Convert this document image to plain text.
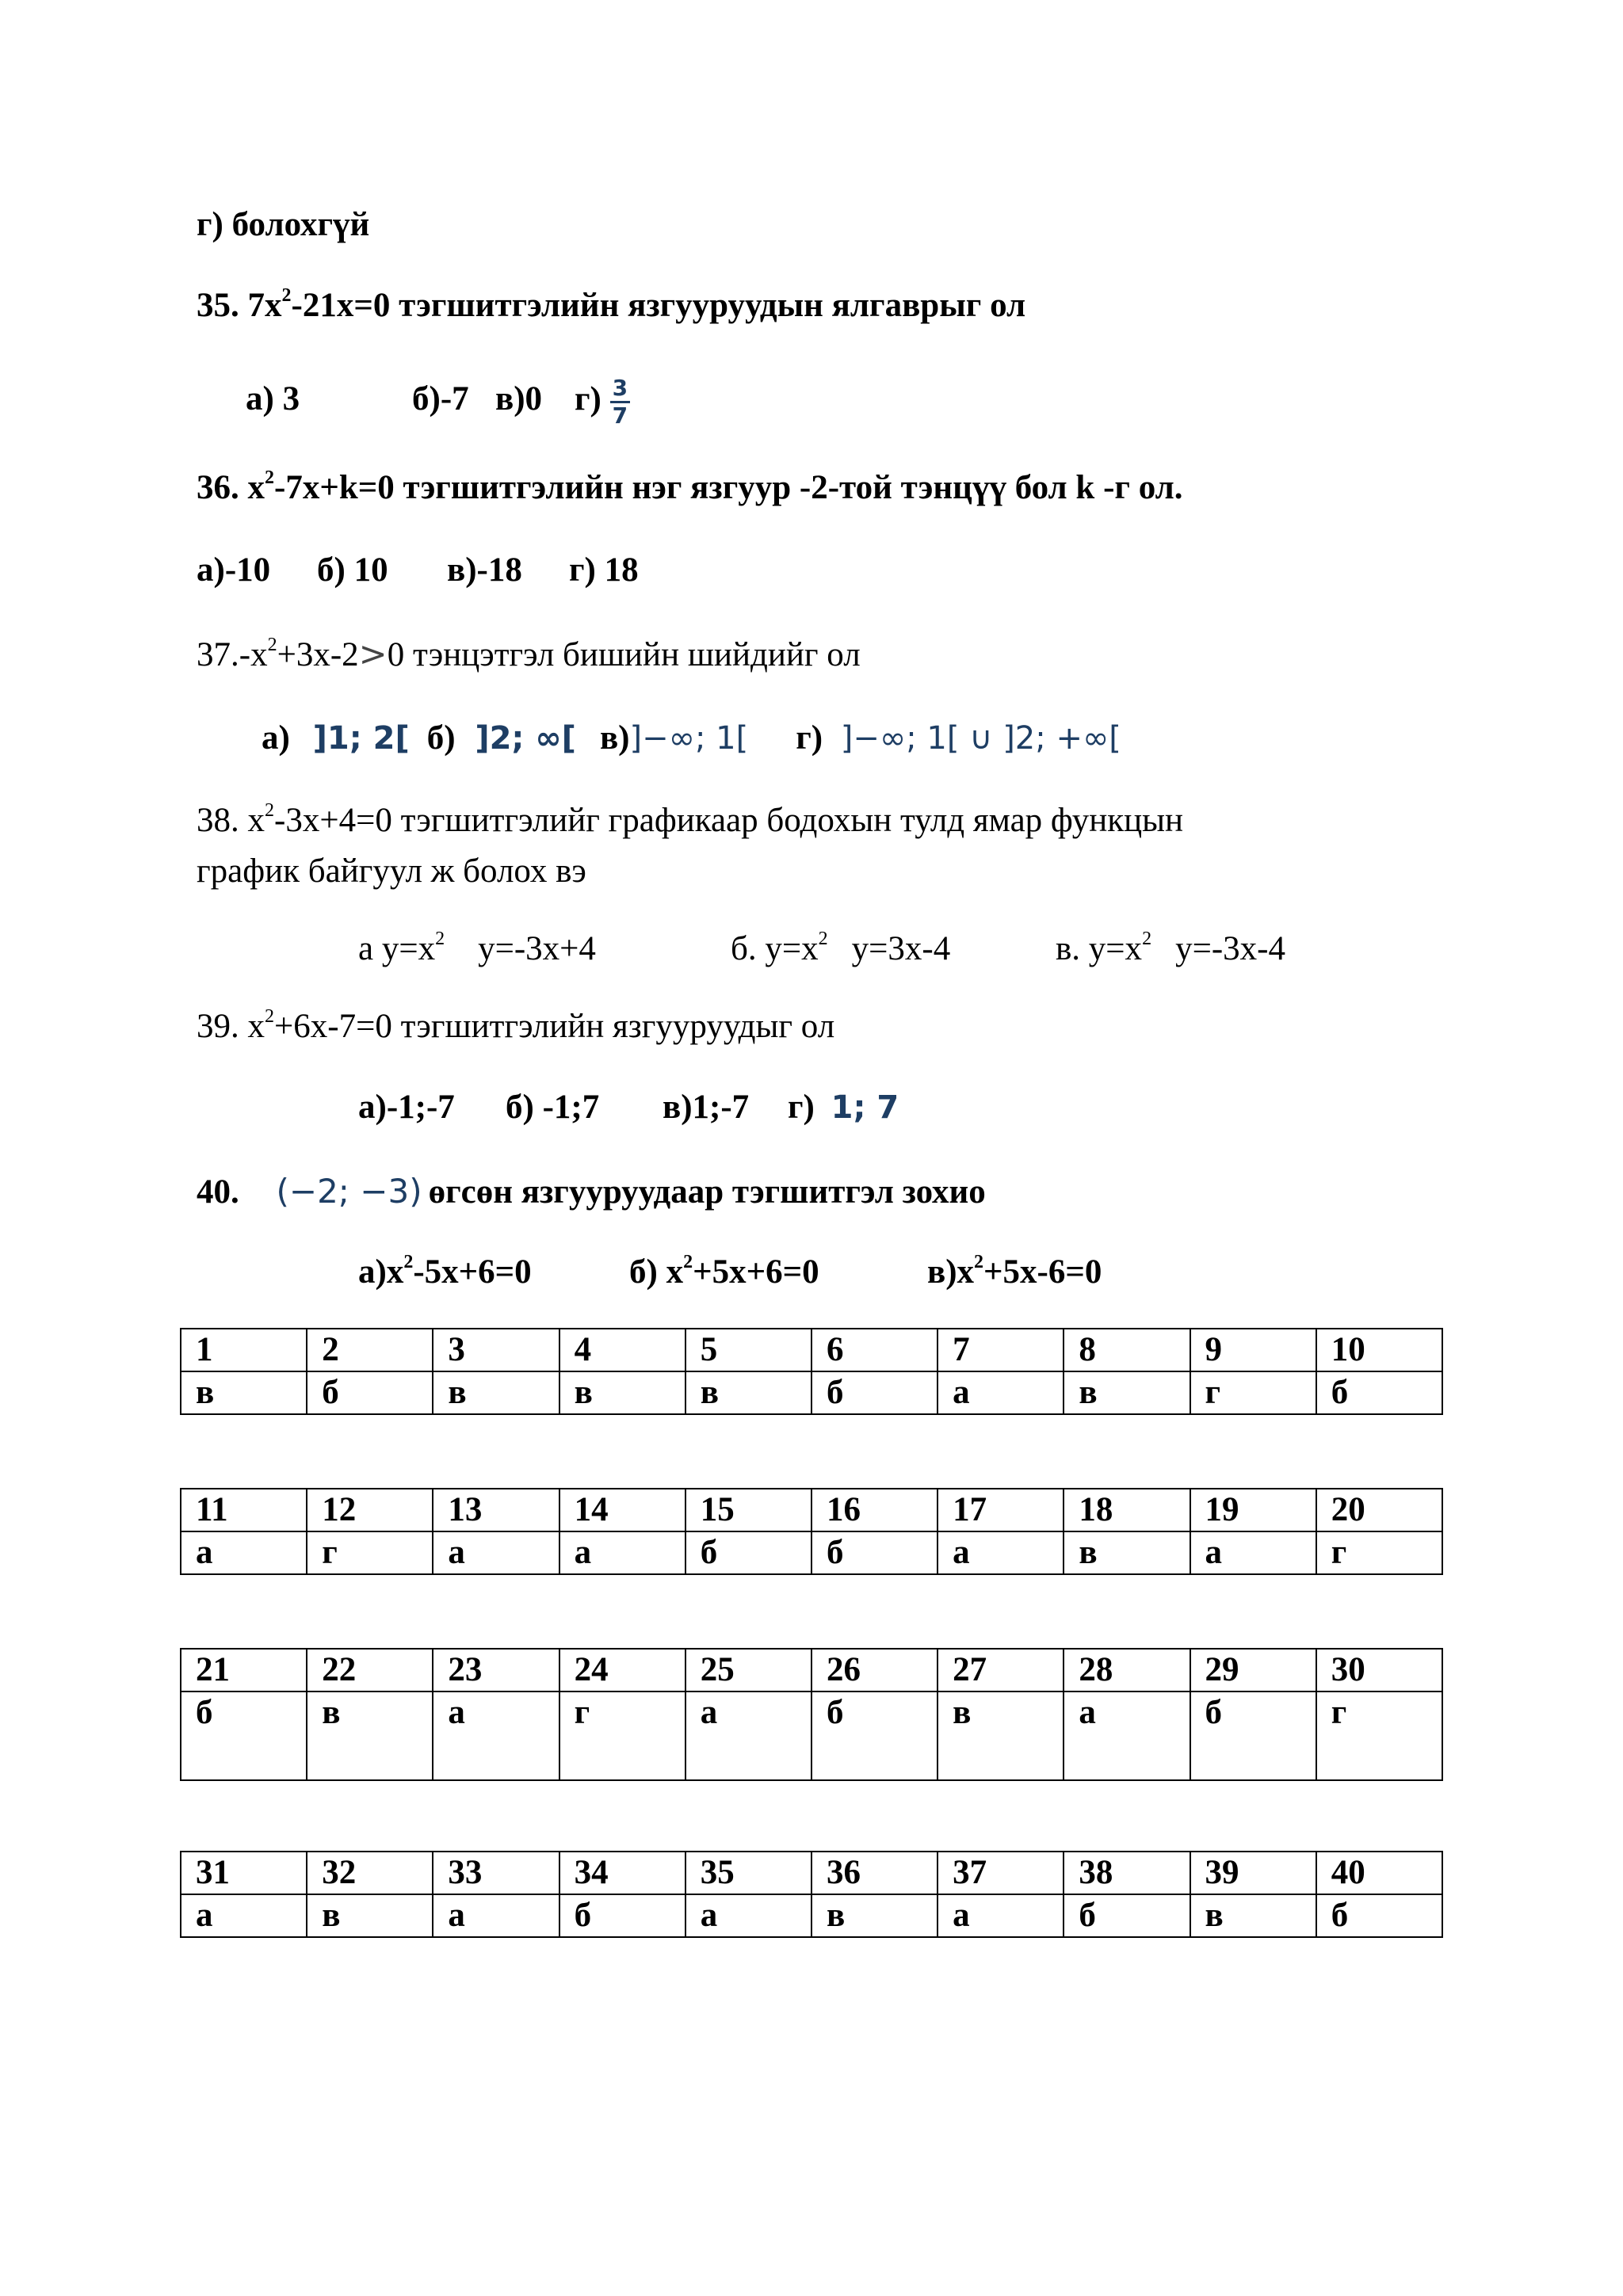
г) болохгүй
35. $7x^2-21x=0$ тэгшитгэлийн язгууруудын ялгаврыг ол
а) 3	б)-7 в)0 $г) \frac{3}{7}$
36. $x^2-7x+k=0$ тэгшитгэлийн нэг язгуур -2-той тэнцүү бол k -г ол.
а)-10 б) 10 в)-18 г) 18
$37.-x^2+3x-2>0$ тэнцэтгэл бишийн шийдийг ол
а) ]1; 2[ б) ]2; ∞[ в)]−∞; 1[ г) ]−∞; 1[ ∪ ]2; +∞[
38. $x^2-3x+4=0$ тэгшитгэлийг графикаар бодохын тулд ямар функцын
график байгуул ж болох вэ
а $y=x^2$ y=-3x+4	б. $y=x^2$ y=3x-4	в. $y=x^2$ y=-3x-4
39. $x^2+6x-7=0$ тэгшитгэлийн язгууруудыг ол
а)-1;-7 б) -1;7 в)1;-7 г) 1; 7
40. (−2; −3) өгсөн язгууруудаар тэгшитгэл зохио
$а)x^2-5x+6=0$	б) $x^2+5x+6=0$	$в)x^2+5x-6=0$
1	2	3	4	5	6	7	8	9	10
в	б	в	в	в	б	а	в	г	б
11	12	13	14	15	16	17	18	19	20
а	г	а	а	б	б	а	в	а	г
21	22	23	24	25	26	27	28	29	30
б	в	а	г	а	б	в	а	б	г
31	32	33	34	35	36	37	38	39	40
а	в	а	б	а	в	а	б	в	б
